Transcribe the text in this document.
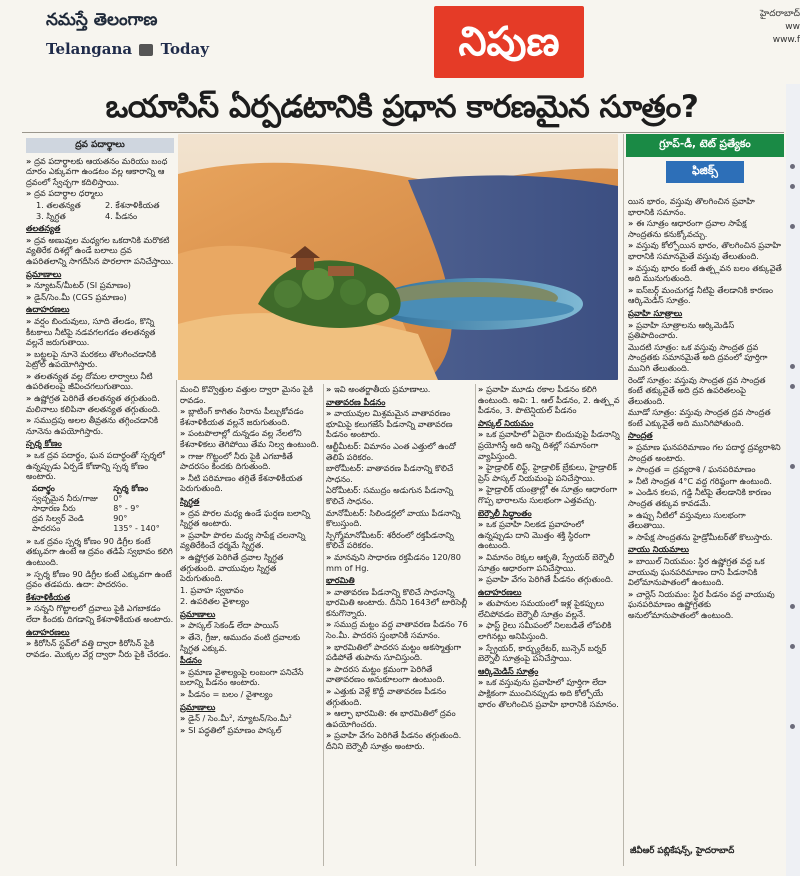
నమస్తే తెలంగాణ
Telangana Today	నిపుణ
హైదరాబాద్
ww
www.f
ఒయాసిస్ ఏర్పడటానికి ప్రధాన కారణమైన సూత్రం?
ద్రవ పదార్థాలు

» ద్రవ పదార్థాలకు ఆయతనం మరియు బంధ దూరం ఎక్కువగా ఉండటం వల్ల ఆకారాన్ని ఆ ద్రవంలో స్వేచ్ఛగా కదిలిస్తాయి.

» ద్రవ పదార్థాల ధర్మాలు

1. తలతన్యత	2. కేశనాళికీయత
3. స్నిగ్ధత	4. పీడనం

తలతన్యత

» ద్రవ అణువుల మధ్యగల ఒకదానికి మరొకటి వ్యతిరేక దిశల్లో ఉండే బలాలు ద్రవ ఉపరితలాన్ని సాగదీసిన పొరలాగా పనిచేస్తాయి.

ప్రమాణాలు

» న్యూటన్/మీటర్ (SI ప్రమాణం)

» డైన్/సెం.మీ (CGS ప్రమాణం)

ఉదాహరణలు

» వర్షం బిందువులు, సూది తేలడం, కొన్ని కీటకాలు నీటిపై నడవగలగడం తలతన్యత వల్లనే జరుగుతాయి.

» బట్టలపై నూనె మరకలు తొలగించడానికి పెట్రోల్ ఉపయోగిస్తారు.

» తలతన్యత వల్ల దోమల లార్వాలు నీటి ఉపరితలంపై జీవించగలుగుతాయి.

» ఉష్ణోగ్రత పెరిగితే తలతన్యత తగ్గుతుంది. మలినాలు కలిపినా తలతన్యత తగ్గుతుంది.

» సముద్రపు అలల తీవ్రతను తగ్గించడానికి నూనెను ఉపయోగిస్తారు.

స్పర్శ కోణం

» ఒక ద్రవ పదార్థం, ఘన పదార్థంతో స్పర్శలో ఉన్నప్పుడు ఏర్పడే కోణాన్ని స్పర్శ కోణం అంటారు.

పదార్థం	స్పర్శ కోణం
స్వచ్ఛమైన నీరు/గాజు	0°
సాధారణ నీరు	8° - 9°
ద్రవ సిల్వర్ వెండి	90°
పాదరసం	135° - 140°

» ఒక ద్రవం స్పర్శ కోణం 90 డిగ్రీల కంటే తక్కువగా ఉంటే ఆ ద్రవం తడిపే స్వభావం కలిగి ఉంటుంది.

» స్పర్శ కోణం 90 డిగ్రీల కంటే ఎక్కువగా ఉంటే ద్రవం తడపదు. ఉదా: పాదరసం.

కేశనాళికీయత

» సన్నని గొట్టాలలో ద్రవాలు పైకి ఎగబాకడం లేదా కిందకు దిగడాన్ని కేశనాళికీయత అంటారు.

ఉదాహరణలు

» కిరోసిన్ స్టవ్‌లో వత్తి ద్వారా కిరోసిన్ పైకి రావడం. మొక్కల వేర్ల ద్వారా నీరు పైకి చేరడం.

మంచి కొవ్వొత్తుల వత్తుల ద్వారా మైనం పైకి రావడం.

» బ్లాటింగ్ కాగితం సిరాను పీల్చుకోవడం కేశనాళికీయత వల్లనే జరుగుతుంది.

» పంటపొలాల్లో దున్నడం వల్ల నేలలోని కేశనాళికలు తెగిపోయి తేమ నిల్వ ఉంటుంది.

» గాజు గొట్టంలో నీరు పైకి ఎగబాకితే పాదరసం కిందకు దిగుతుంది.

» నీటి పరిమాణం తగ్గితే కేశనాళికీయత పెరుగుతుంది.

స్నిగ్ధత

» ద్రవ పొరల మధ్య ఉండే ఘర్షణ బలాన్ని స్నిగ్ధత అంటారు.

» ప్రవాహి పొరల మధ్య సాపేక్ష చలనాన్ని వ్యతిరేకించే ధర్మమే స్నిగ్ధత.

» ఉష్ణోగ్రత పెరిగితే ద్రవాల స్నిగ్ధత తగ్గుతుంది. వాయువుల స్నిగ్ధత పెరుగుతుంది.

1. ప్రవాహ స్వభావం

2. ఉపరితల వైశాల్యం

ప్రమాణాలు

» పాస్కల్ సెకండ్ లేదా పాయిస్

» తేనె, గ్రీజు, ఆముదం వంటి ద్రవాలకు స్నిగ్ధత ఎక్కువ.

పీడనం

» ప్రమాణ వైశాల్యంపై లంబంగా పనిచేసే బలాన్ని పీడనం అంటారు.

» పీడనం = బలం / వైశాల్యం

ప్రమాణాలు

» డైన్ / సెం.మీ², న్యూటన్/సెం.మీ²

» SI పద్ధతిలో ప్రమాణం పాస్కల్

» ఇవి అంతర్జాతీయ ప్రమాణాలు.

వాతావరణ పీడనం

» వాయువుల మిశ్రమమైన వాతావరణం భూమిపై కలుగజేసే పీడనాన్ని వాతావరణ పీడనం అంటారు.

ఆల్టీమీటర్: విమానం ఎంత ఎత్తులో ఉందో తెలిపే పరికరం.

బారోమీటర్: వాతావరణ పీడనాన్ని కొలిచే సాధనం.

ఏరోమీటర్: సముద్రం అడుగున పీడనాన్ని కొలిచే సాధనం.

మానోమీటర్: సిలిండర్లలో వాయు పీడనాన్ని కొలుస్తుంది.

స్పిగ్మోమానోమీటర్: శరీరంలో రక్తపీడనాన్ని కొలిచే పరికరం.

» మానవుని సాధారణ రక్తపీడనం 120/80 mm of Hg.

భారమితి

» వాతావరణ పీడనాన్ని కొలిచే సాధనాన్ని భారమితి అంటారు. దీనిని 1643లో టారిసెల్లీ కనుగొన్నారు.

» సముద్ర మట్టం వద్ద వాతావరణ పీడనం 76 సెం.మీ. పాదరస స్తంభానికి సమానం.

» భారమితిలో పాదరస మట్టం అకస్మాత్తుగా పడిపోతే తుపాను సూచిస్తుంది.

» పాదరస మట్టం క్రమంగా పెరిగితే వాతావరణం అనుకూలంగా ఉంటుంది.

» ఎత్తుకు వెళ్లే కొద్దీ వాతావరణ పీడనం తగ్గుతుంది.

» ఆల్ఫా భారమితి: ఈ భారమితిలో ద్రవం ఉపయోగించరు.

» ప్రవాహి వేగం పెరిగితే పీడనం తగ్గుతుంది. దీనిని బెర్నౌలీ సూత్రం అంటారు.

» ప్రవాహి మూడు రకాల పీడనం కలిగి ఉంటుంది. అవి: 1. ఆల్ పీడనం, 2. ఉత్ప్లవ పీడనం, 3. పొటెన్షియల్ పీడనం

పాస్కల్ నియమం

» ఒక ప్రవాహిలో ఏదైనా బిందువుపై పీడనాన్ని ప్రయోగిస్తే అది అన్ని దిశల్లో సమానంగా వ్యాపిస్తుంది.

» హైడ్రాలిక్ లిఫ్ట్, హైడ్రాలిక్ బ్రేకులు, హైడ్రాలిక్ ప్రెస్ పాస్కల్ నియమంపై పనిచేస్తాయి.

» హైడ్రాలిక్ యంత్రాల్లో ఈ సూత్రం ఆధారంగా గొప్ప భారాలను సులభంగా ఎత్తవచ్చు.

బెర్నౌలీ సిద్ధాంతం

» ఒక ప్రవాహి నిలకడ ప్రవాహంలో ఉన్నప్పుడు దాని మొత్తం శక్తి స్థిరంగా ఉంటుంది.

» విమానం రెక్కల ఆకృతి, స్ప్రేయర్ బెర్నౌలీ సూత్రం ఆధారంగా పనిచేస్తాయి.

» ప్రవాహి వేగం పెరిగితే పీడనం తగ్గుతుంది.

ఉదాహరణలు

» తుపానుల సమయంలో ఇళ్ల పైకప్పులు లేచిపోవడం బెర్నౌలీ సూత్రం వల్లనే.

» ఫాస్ట్ రైలు సమీపంలో నిలబడితే లోపలికి లాగినట్లు అనిపిస్తుంది.

» స్ప్రేయర్, కార్బ్యురేటర్, బున్సెన్ బర్నర్ బెర్నౌలీ సూత్రంపై పనిచేస్తాయి.

ఆర్కిమెడిస్ సూత్రం

» ఒక వస్తువును ప్రవాహిలో పూర్తిగా లేదా పాక్షికంగా ముంచినప్పుడు అది కోల్పోయే భారం తొలగించిన ప్రవాహి భారానికి సమానం.

గ్రూప్-డీ, టెట్ ప్రత్యేకం
ఫిజిక్స్

యిన భారం, వస్తువు తొలగించిన ప్రవాహి భారానికి సమానం.

» ఈ సూత్రం ఆధారంగా ద్రవాల సాపేక్ష సాంద్రతను కనుక్కోవచ్చు.

» వస్తువు కోల్పోయిన భారం, తొలగించిన ప్రవాహి భారానికి సమానమైతే వస్తువు తేలుతుంది.

» వస్తువు భారం కంటే ఉత్ప్లవన బలం తక్కువైతే అది మునుగుతుంది.

» ఐస్‌బర్గ్ మంచుగడ్డ నీటిపై తేలడానికి కారణం ఆర్కిమెడిస్ సూత్రం.

ప్రవాహి సూత్రాలు

» ప్రవాహి సూత్రాలను ఆర్కిమెడిస్ ప్రతిపాదించారు.

మొదటి సూత్రం: ఒక వస్తువు సాంద్రత ద్రవ సాంద్రతకు సమానమైతే అది ద్రవంలో పూర్తిగా మునిగి తేలుతుంది.

రెండో సూత్రం: వస్తువు సాంద్రత ద్రవ సాంద్రత కంటే తక్కువైతే అది ద్రవ ఉపరితలంపై తేలుతుంది.

మూడో సూత్రం: వస్తువు సాంద్రత ద్రవ సాంద్రత కంటే ఎక్కువైతే అది మునిగిపోతుంది.

సాంద్రత

» ప్రమాణ ఘనపరిమాణం గల పదార్థ ద్రవ్యరాశిని సాంద్రత అంటారు.

» సాంద్రత = ద్రవ్యరాశి / ఘనపరిమాణం

» నీటి సాంద్రత 4°C వద్ద గరిష్ఠంగా ఉంటుంది.

» ఎండిన కలప, గడ్డి నీటిపై తేలడానికి కారణం సాంద్రత తక్కువ కావడమే.

» ఉప్పు నీటిలో వస్తువులు సులభంగా తేలుతాయి.

» సాపేక్ష సాంద్రతను హైడ్రోమీటర్‌తో కొలుస్తారు.

వాయు నియమాలు

» బాయిల్ నియమం: స్థిర ఉష్ణోగ్రత వద్ద ఒక వాయువు ఘనపరిమాణం దాని పీడనానికి విలోమానుపాతంలో ఉంటుంది.

» చార్లెస్ నియమం: స్థిర పీడనం వద్ద వాయువు ఘనపరిమాణం ఉష్ణోగ్రతకు అనులోమానుపాతంలో ఉంటుంది.

జీవీఆర్ పబ్లికేషన్స్, హైదరాబాద్
